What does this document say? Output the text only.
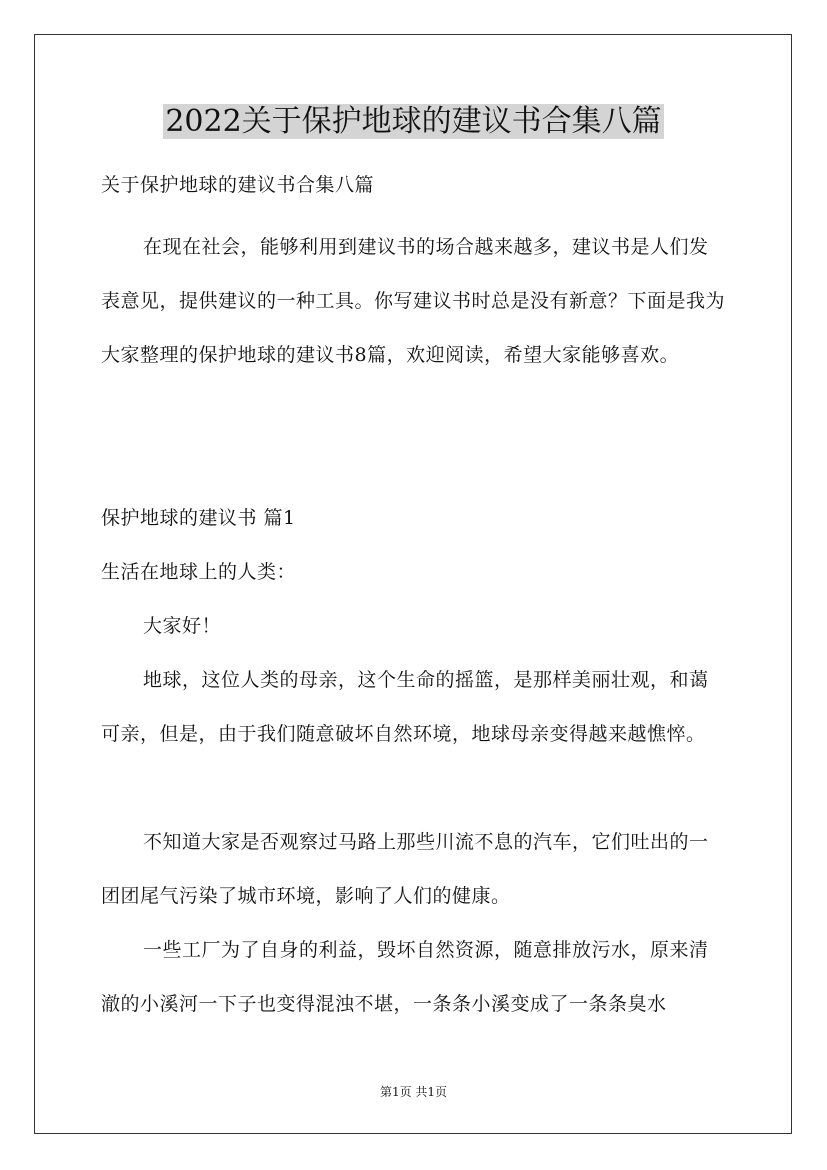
2022关于保护地球的建议书合集八篇

关于保护地球的建议书合集八篇

在现在社会，能够利用到建议书的场合越来越多，建议书是人们发表意见，提供建议的一种工具。你写建议书时总是没有新意？下面是我为大家整理的保护地球的建议书8篇，欢迎阅读，希望大家能够喜欢。

保护地球的建议书 篇1

生活在地球上的人类：

大家好！

地球，这位人类的母亲，这个生命的摇篮，是那样美丽壮观，和蔼可亲，但是，由于我们随意破坏自然环境，地球母亲变得越来越憔悴。

不知道大家是否观察过马路上那些川流不息的汽车，它们吐出的一团团尾气污染了城市环境，影响了人们的健康。

一些工厂为了自身的利益，毁坏自然资源，随意排放污水，原来清澈的小溪河一下子也变得混浊不堪，一条条小溪变成了一条条臭水

第1页 共1页
